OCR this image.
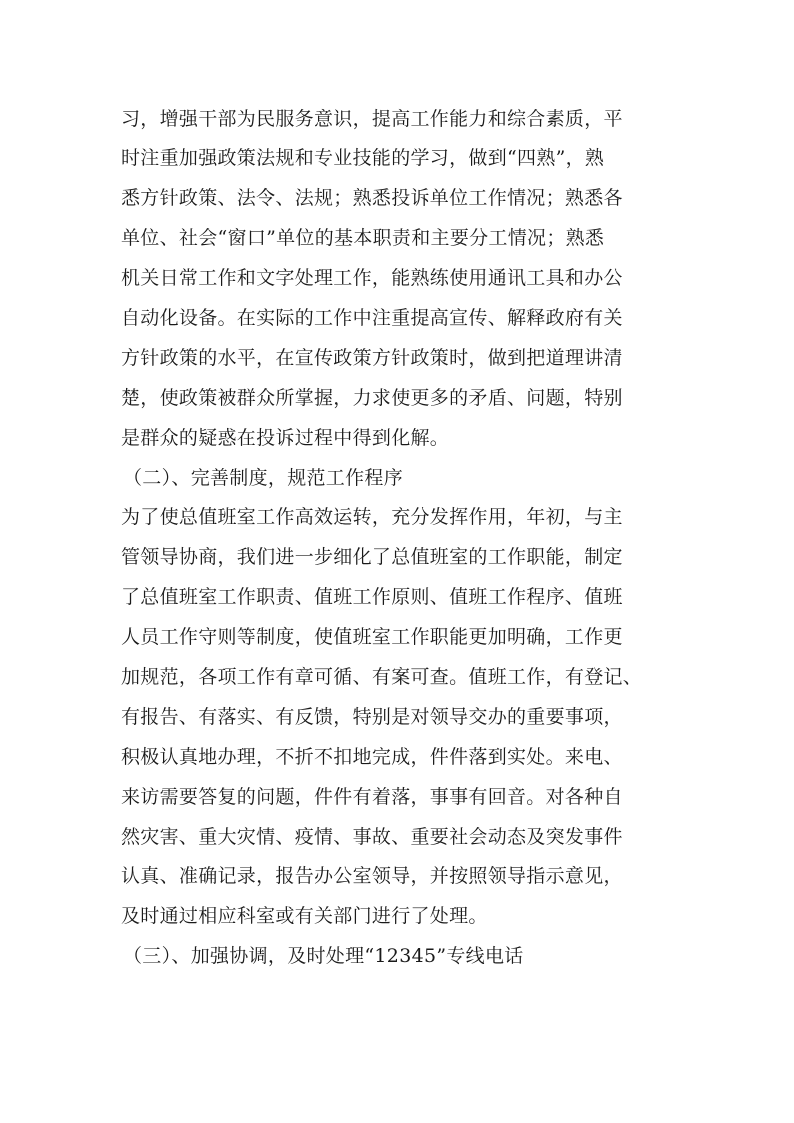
习，增强干部为民服务意识，提高工作能力和综合素质，平
时注重加强政策法规和专业技能的学习，做到“四熟”，熟
悉方针政策、法令、法规；熟悉投诉单位工作情况；熟悉各
单位、社会“窗口”单位的基本职责和主要分工情况；熟悉
机关日常工作和文字处理工作，能熟练使用通讯工具和办公
自动化设备。在实际的工作中注重提高宣传、解释政府有关
方针政策的水平，在宣传政策方针政策时，做到把道理讲清
楚，使政策被群众所掌握，力求使更多的矛盾、问题，特别
是群众的疑惑在投诉过程中得到化解。
（二）、完善制度，规范工作程序
为了使总值班室工作高效运转，充分发挥作用，年初，与主
管领导协商，我们进一步细化了总值班室的工作职能，制定
了总值班室工作职责、值班工作原则、值班工作程序、值班
人员工作守则等制度，使值班室工作职能更加明确，工作更
加规范，各项工作有章可循、有案可查。值班工作，有登记、
有报告、有落实、有反馈，特别是对领导交办的重要事项，
积极认真地办理，不折不扣地完成，件件落到实处。来电、
来访需要答复的问题，件件有着落，事事有回音。对各种自
然灾害、重大灾情、疫情、事故、重要社会动态及突发事件
认真、准确记录，报告办公室领导，并按照领导指示意见，
及时通过相应科室或有关部门进行了处理。
（三）、加强协调，及时处理“12345”专线电话
